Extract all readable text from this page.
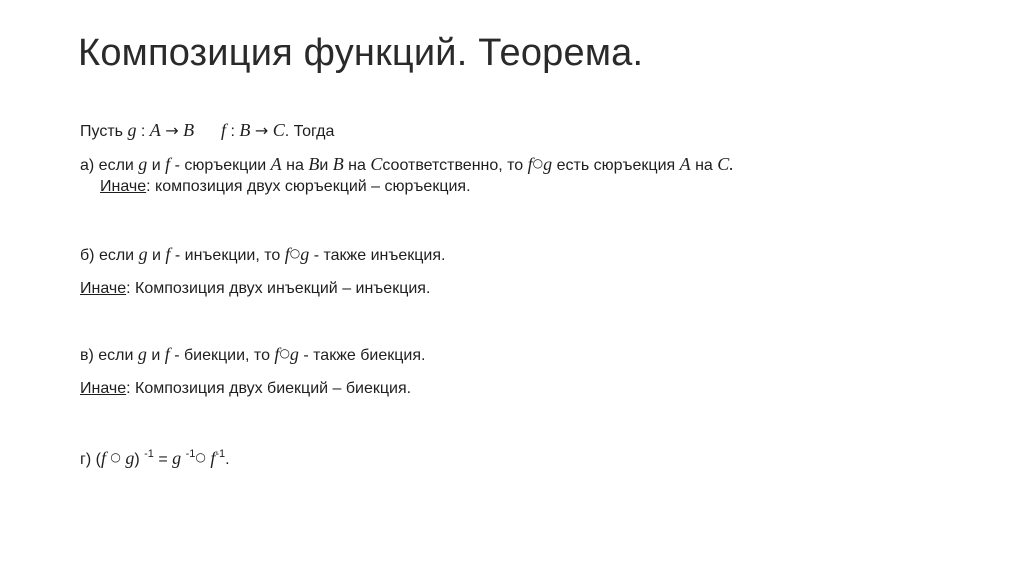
Композиция функций. Теорема.
Пусть g : A → B f : B → C. Тогда
а) если g и f - сюръекции A на Bи B на Cсоответственно, то f○g есть сюръекция A на C.
Иначе: композиция двух сюръекций – сюръекция.
б) если g и f - инъекции, то f○g - также инъекция.
Иначе: Композиция двух инъекций – инъекция.
в) если g и f - биекции, то f○g - также биекция.
Иначе: Композиция двух биекций – биекция.
г) (f ○ g) $^{-1}$ = g $^{-1}$○ $f^{-1}$.
